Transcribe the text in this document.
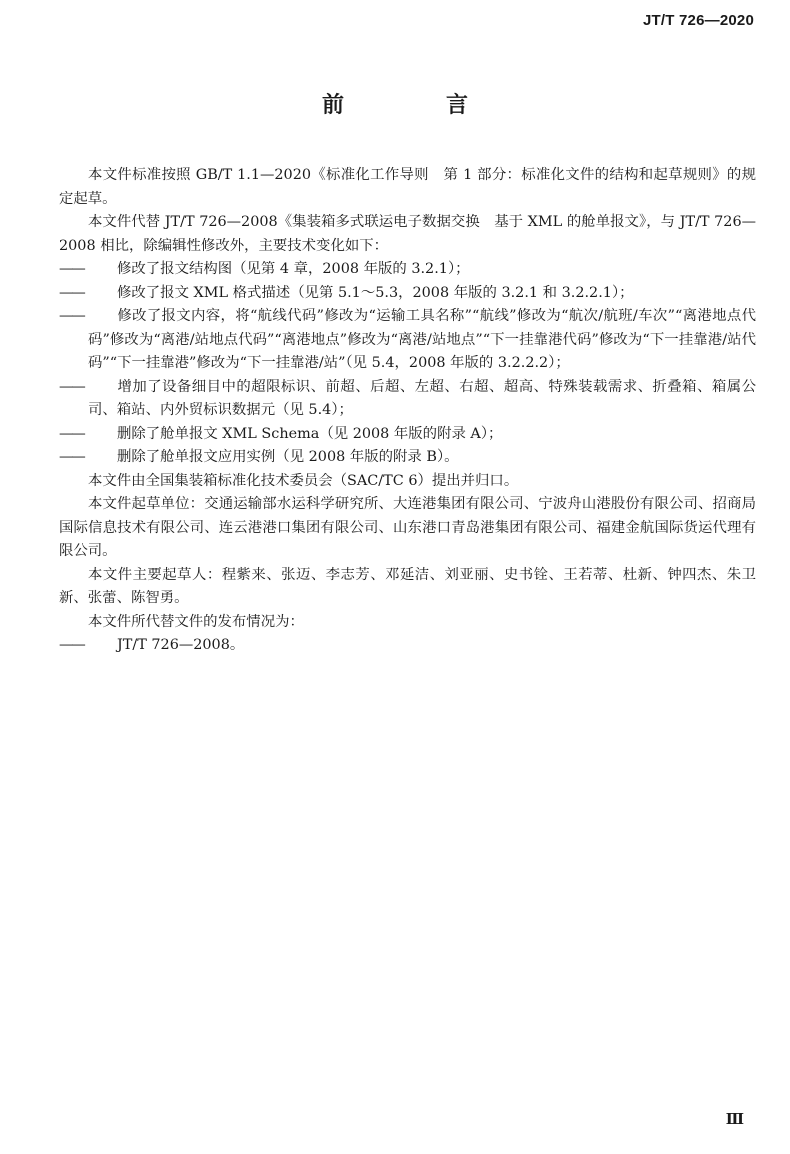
JT/T 726—2020
前　言

本文件标准按照 GB/T 1.1—2020《标准化工作导则　第 1 部分：标准化文件的结构和起草规则》的规定起草。

本文件代替 JT/T 726—2008《集装箱多式联运电子数据交换　基于 XML 的舱单报文》，与 JT/T 726—2008 相比，除编辑性修改外，主要技术变化如下：

—— 修改了报文结构图（见第 4 章，2008 年版的 3.2.1）；

—— 修改了报文 XML 格式描述（见第 5.1～5.3，2008 年版的 3.2.1 和 3.2.2.1）；

—— 修改了报文内容，将“航线代码”修改为“运输工具名称”“航线”修改为“航次/航班/车次”“离港地点代码”修改为“离港/站地点代码”“离港地点”修改为“离港/站地点”“下一挂靠港代码”修改为“下一挂靠港/站代码”“下一挂靠港”修改为“下一挂靠港/站”（见 5.4，2008 年版的 3.2.2.2）；

—— 增加了设备细目中的超限标识、前超、后超、左超、右超、超高、特殊装载需求、折叠箱、箱属公司、箱站、内外贸标识数据元（见 5.4）；

—— 删除了舱单报文 XML Schema（见 2008 年版的附录 A）；

—— 删除了舱单报文应用实例（见 2008 年版的附录 B）。

本文件由全国集装箱标准化技术委员会（SAC/TC 6）提出并归口。

本文件起草单位：交通运输部水运科学研究所、大连港集团有限公司、宁波舟山港股份有限公司、招商局国际信息技术有限公司、连云港港口集团有限公司、山东港口青岛港集团有限公司、福建金航国际货运代理有限公司。

本文件主要起草人：程紫来、张迈、李志芳、邓延洁、刘亚丽、史书铨、王若蒂、杜新、钟四杰、朱卫新、张蕾、陈智勇。

本文件所代替文件的发布情况为：

—— JT/T 726—2008。

Ⅲ
